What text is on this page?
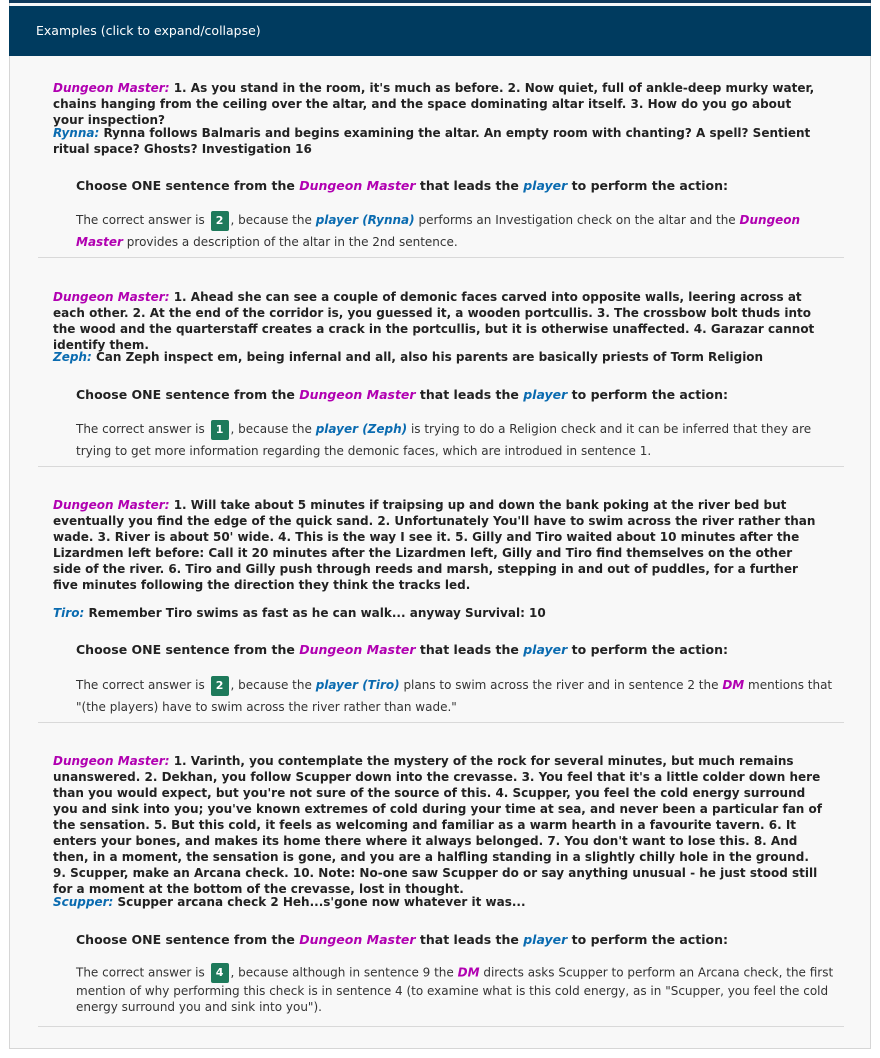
Examples (click to expand/collapse)
Dungeon Master: 1. As you stand in the room, it's much as before. 2. Now quiet, full of ankle-deep murky water, chains hanging from the ceiling over the altar, and the space dominating altar itself. 3. How do you go about your inspection?
Rynna: Rynna follows Balmaris and begins examining the altar. An empty room with chanting? A spell? Sentient ritual space? Ghosts? Investigation 16
Choose ONE sentence from the Dungeon Master that leads the player to perform the action:
The correct answer is 2 , because the player (Rynna) performs an Investigation check on the altar and the Dungeon Master provides a description of the altar in the 2nd sentence.
Dungeon Master: 1. Ahead she can see a couple of demonic faces carved into opposite walls, leering across at each other. 2. At the end of the corridor is, you guessed it, a wooden portcullis. 3. The crossbow bolt thuds into the wood and the quarterstaff creates a crack in the portcullis, but it is otherwise unaffected. 4. Garazar cannot identify them.
Zeph: Can Zeph inspect em, being infernal and all, also his parents are basically priests of Torm Religion
Choose ONE sentence from the Dungeon Master that leads the player to perform the action:
The correct answer is 1 , because the player (Zeph) is trying to do a Religion check and it can be inferred that they are trying to get more information regarding the demonic faces, which are introdued in sentence 1.
Dungeon Master: 1. Will take about 5 minutes if traipsing up and down the bank poking at the river bed but eventually you find the edge of the quick sand. 2. Unfortunately You'll have to swim across the river rather than wade. 3. River is about 50' wide. 4. This is the way I see it. 5. Gilly and Tiro waited about 10 minutes after the Lizardmen left before: Call it 20 minutes after the Lizardmen left, Gilly and Tiro find themselves on the other side of the river. 6. Tiro and Gilly push through reeds and marsh, stepping in and out of puddles, for a further five minutes following the direction they think the tracks led.
Tiro: Remember Tiro swims as fast as he can walk... anyway Survival: 10
Choose ONE sentence from the Dungeon Master that leads the player to perform the action:
The correct answer is 2 , because the player (Tiro) plans to swim across the river and in sentence 2 the DM mentions that "(the players) have to swim across the river rather than wade."
Dungeon Master: 1. Varinth, you contemplate the mystery of the rock for several minutes, but much remains unanswered. 2. Dekhan, you follow Scupper down into the crevasse. 3. You feel that it's a little colder down here than you would expect, but you're not sure of the source of this. 4. Scupper, you feel the cold energy surround you and sink into you; you've known extremes of cold during your time at sea, and never been a particular fan of the sensation. 5. But this cold, it feels as welcoming and familiar as a warm hearth in a favourite tavern. 6. It enters your bones, and makes its home there where it always belonged. 7. You don't want to lose this. 8. And then, in a moment, the sensation is gone, and you are a halfling standing in a slightly chilly hole in the ground. 9. Scupper, make an Arcana check. 10. Note: No-one saw Scupper do or say anything unusual - he just stood still for a moment at the bottom of the crevasse, lost in thought.
Scupper: Scupper arcana check 2 Heh...s'gone now whatever it was...
Choose ONE sentence from the Dungeon Master that leads the player to perform the action:
The correct answer is 4 , because although in sentence 9 the DM directs asks Scupper to perform an Arcana check, the first mention of why performing this check is in sentence 4 (to examine what is this cold energy, as in "Scupper, you feel the cold energy surround you and sink into you").
